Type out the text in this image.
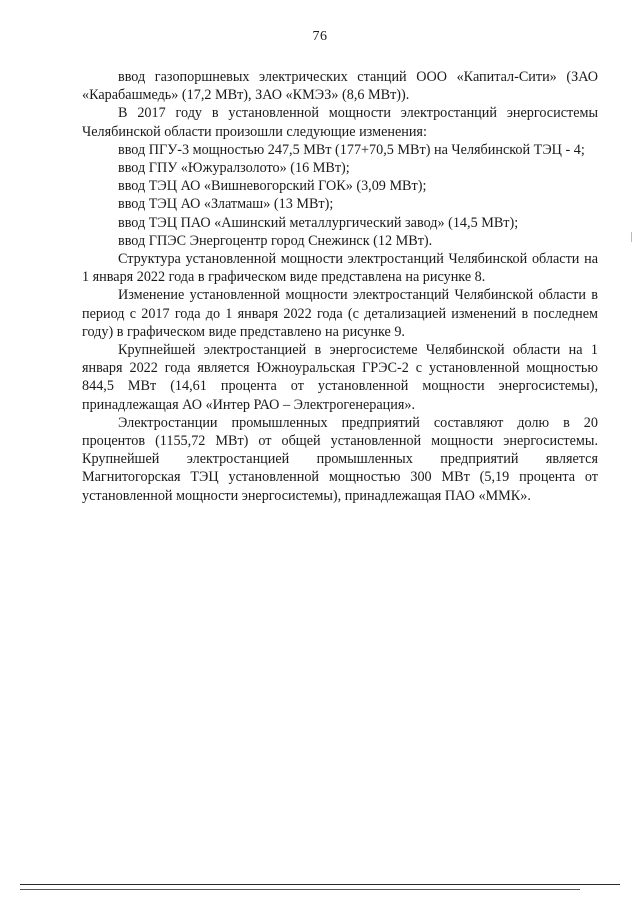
76

ввод газопоршневых электрических станций ООО «Капитал-Сити» (ЗАО «Карабашмедь» (17,2 МВт), ЗАО «КМЭЗ» (8,6 МВт)).

В 2017 году в установленной мощности электростанций энергосистемы Челябинской области произошли следующие изменения:

ввод ПГУ-3 мощностью 247,5 МВт (177+70,5 МВт) на Челябинской ТЭЦ - 4;

ввод ГПУ «Южуралзолото» (16 МВт);

ввод ТЭЦ АО «Вишневогорский ГОК» (3,09 МВт);

ввод ТЭЦ АО «Златмаш» (13 МВт);

ввод ТЭЦ ПАО «Ашинский металлургический завод» (14,5 МВт);

ввод ГПЭС Энергоцентр город Снежинск (12 МВт).

Структура установленной мощности электростанций Челябинской области на 1 января 2022 года в графическом виде представлена на рисунке 8.

Изменение установленной мощности электростанций Челябинской области в период с 2017 года до 1 января 2022 года (с детализацией изменений в последнем году) в графическом виде представлено на рисунке 9.

Крупнейшей электростанцией в энергосистеме Челябинской области на 1 января 2022 года является Южноуральская ГРЭС-2 с установленной мощностью 844,5 МВт (14,61 процента от установленной мощности энергосистемы), принадлежащая АО «Интер РАО – Электрогенерация».

Электростанции промышленных предприятий составляют долю в 20 процентов (1155,72 МВт) от общей установленной мощности энергосистемы. Крупнейшей электростанцией промышленных предприятий является Магнитогорская ТЭЦ установленной мощностью 300 МВт (5,19 процента от установленной мощности энергосистемы), принадлежащая ПАО «ММК».
